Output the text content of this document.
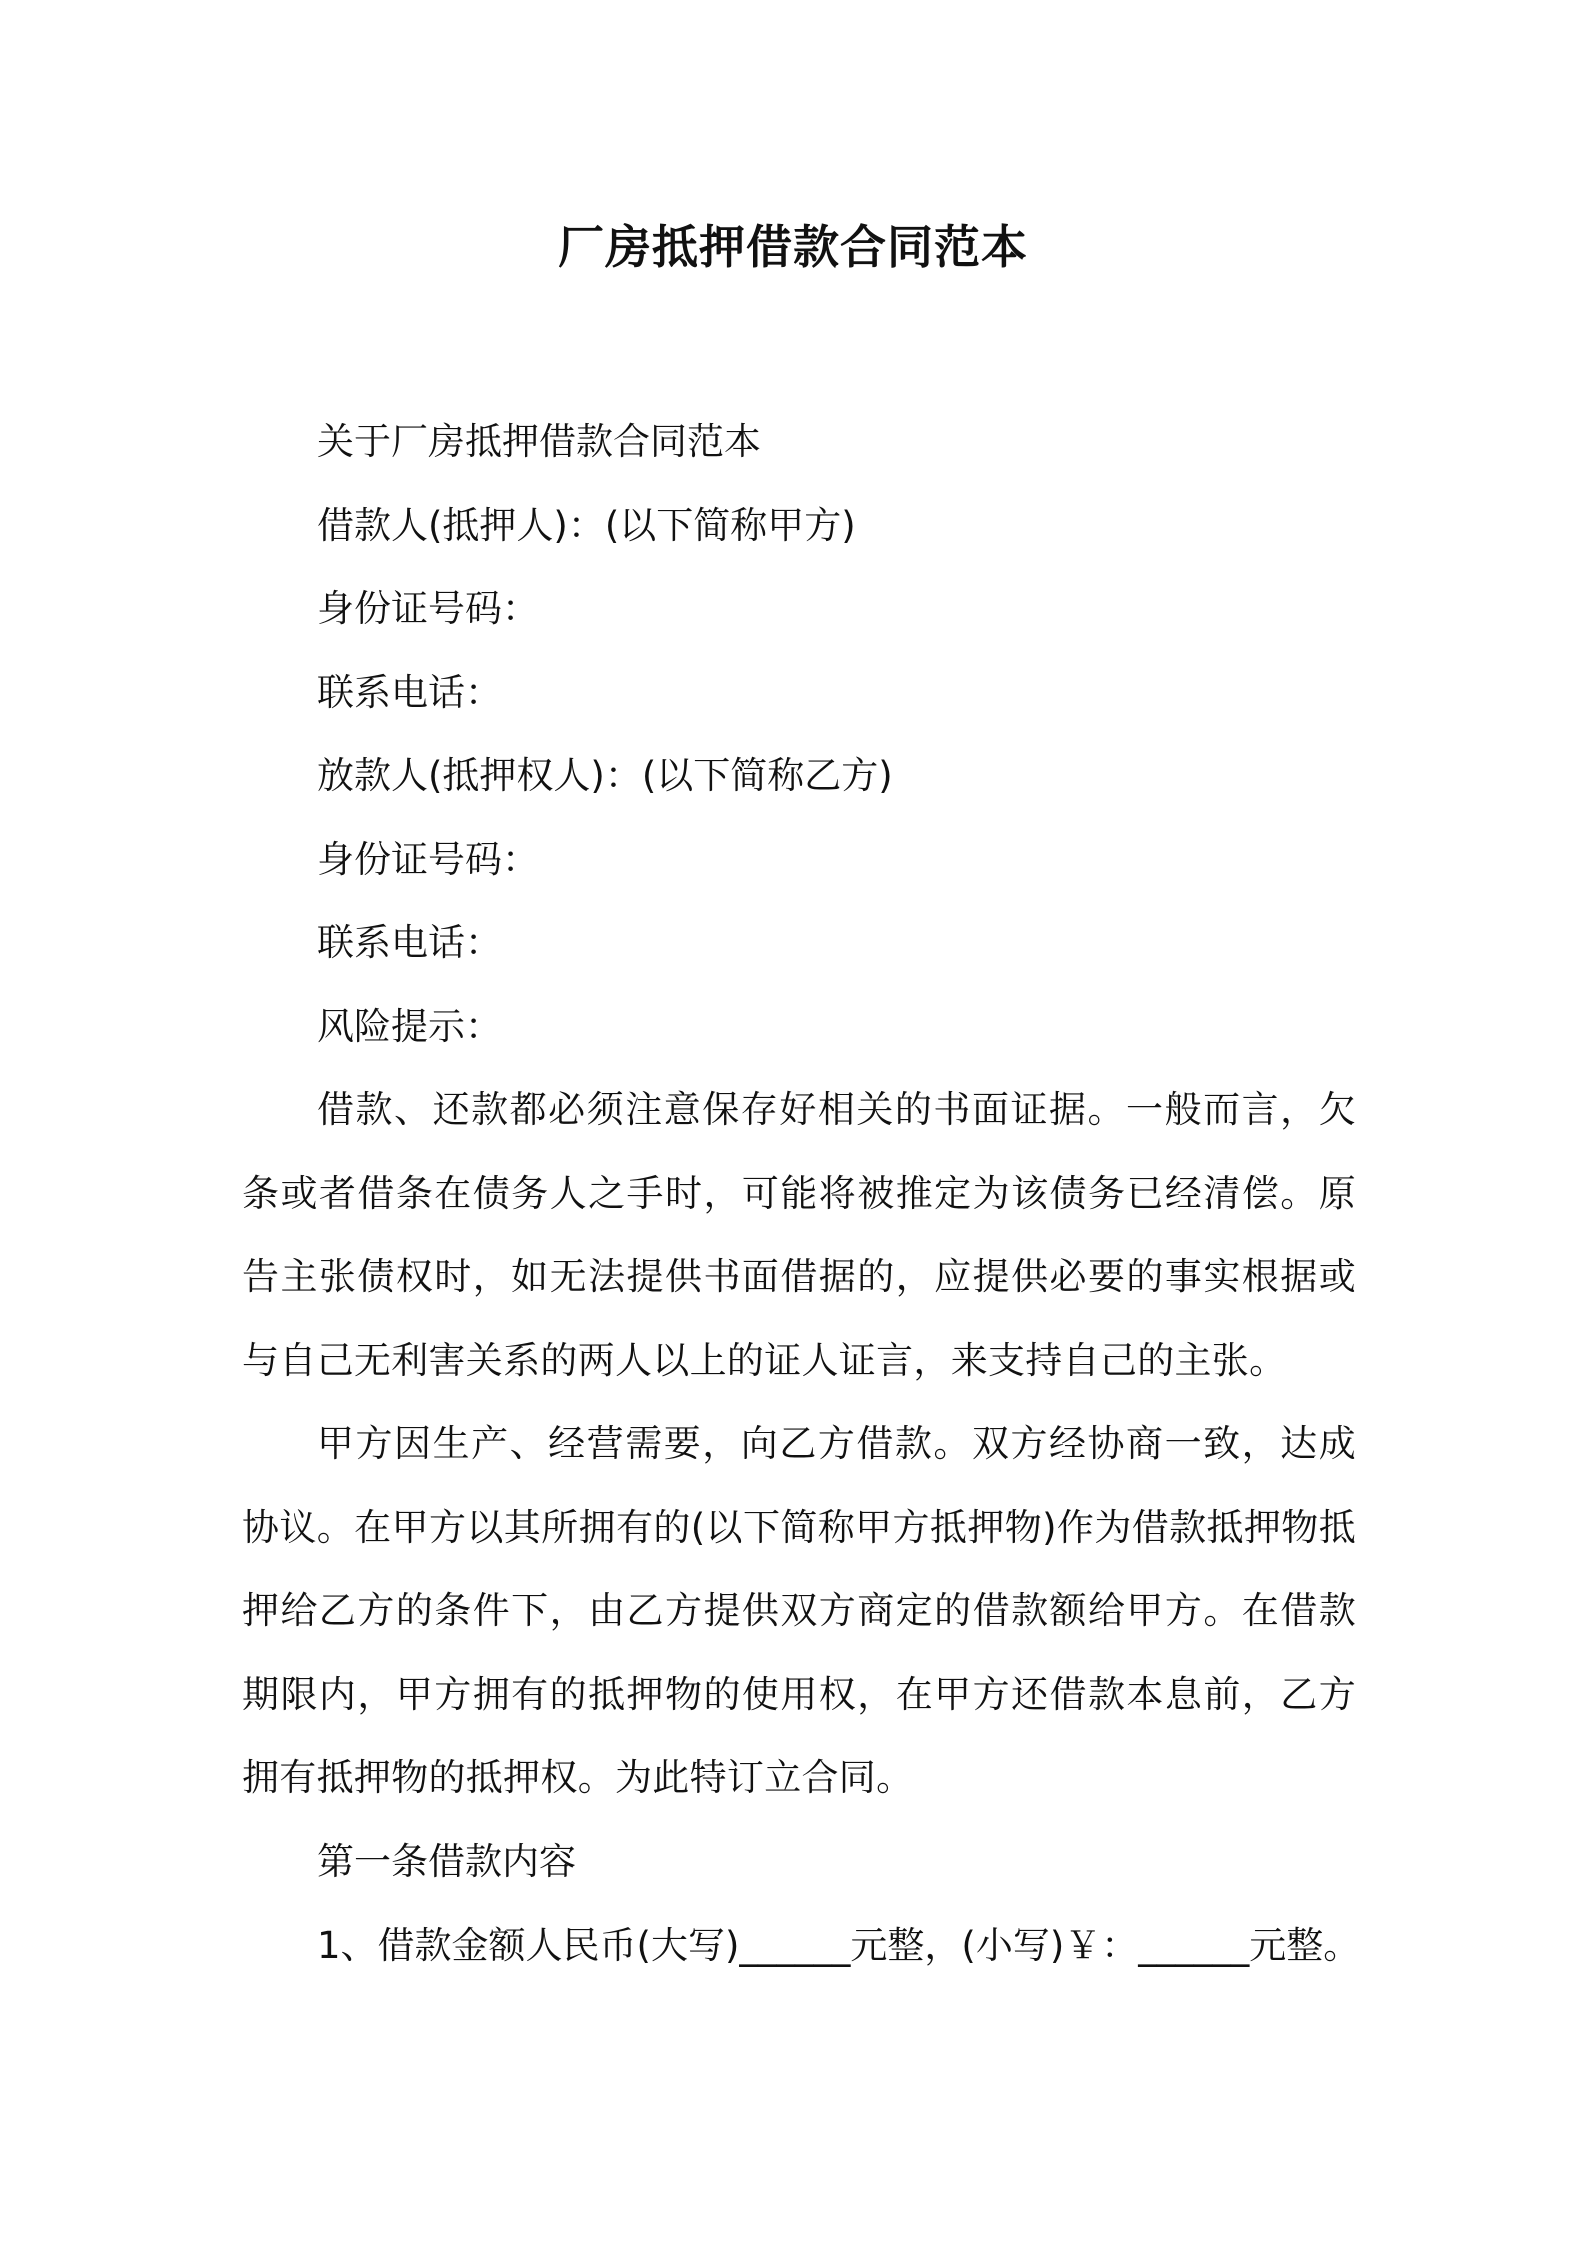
厂房抵押借款合同范本

关于厂房抵押借款合同范本

借款人(抵押人)：(以下简称甲方)

身份证号码：

联系电话：

放款人(抵押权人)：(以下简称乙方)

身份证号码：

联系电话：

风险提示：

借款、还款都必须注意保存好相关的书面证据。一般而言，欠条或者借条在债务人之手时，可能将被推定为该债务已经清偿。原告主张债权时，如无法提供书面借据的，应提供必要的事实根据或与自己无利害关系的两人以上的证人证言，来支持自己的主张。

甲方因生产、经营需要，向乙方借款。双方经协商一致，达成协议。在甲方以其所拥有的(以下简称甲方抵押物)作为借款抵押物抵押给乙方的条件下，由乙方提供双方商定的借款额给甲方。在借款期限内，甲方拥有的抵押物的使用权，在甲方还借款本息前，乙方拥有抵押物的抵押权。为此特订立合同。

第一条借款内容

1、借款金额人民币(大写)______元整，(小写)￥：______元整。
